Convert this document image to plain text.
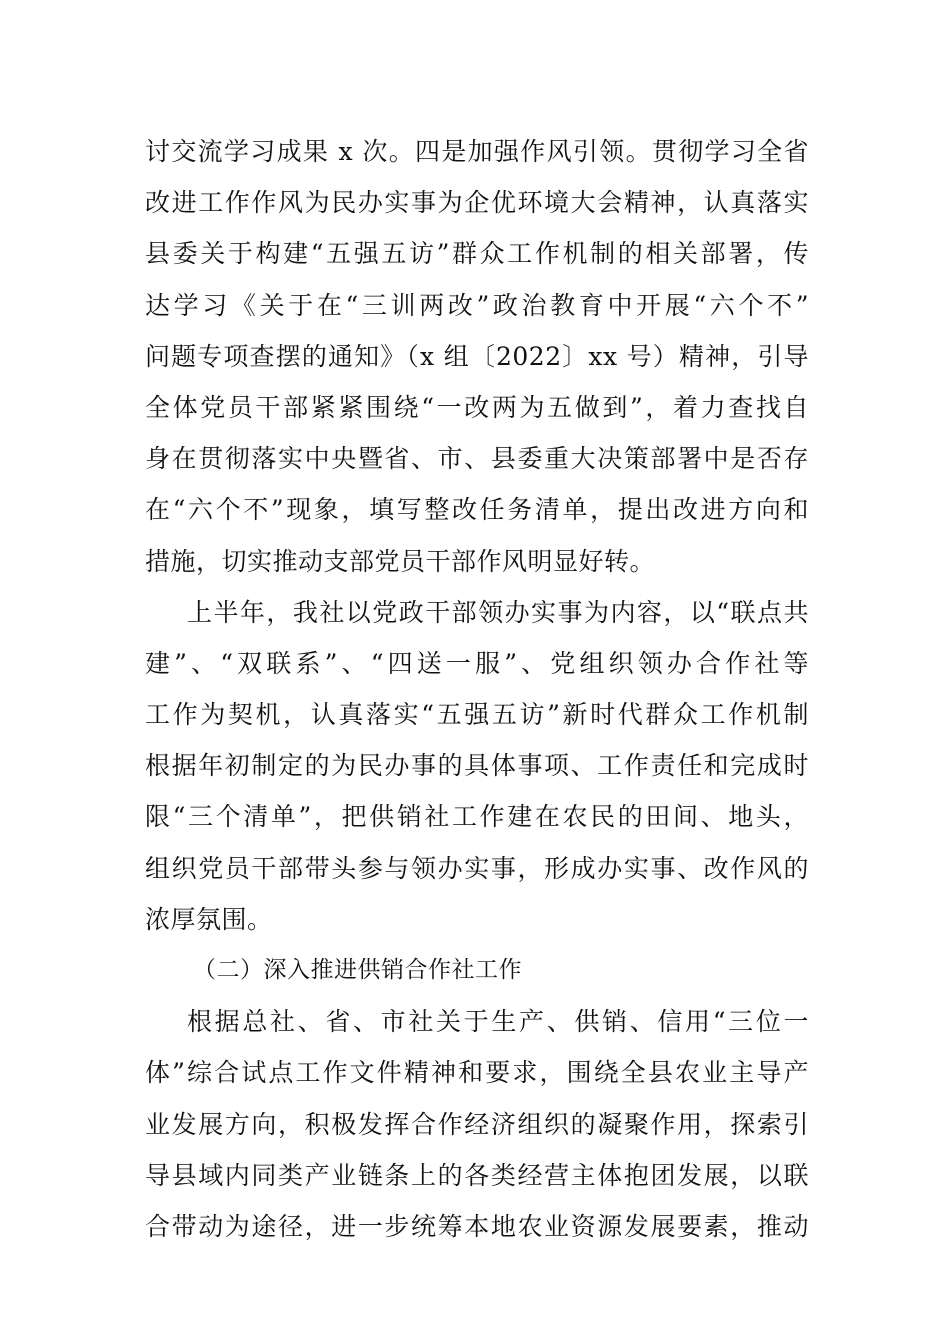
讨交流学习成果 x 次。四是加强作风引领。贯彻学习全省
改进工作作风为民办实事为企优环境大会精神，认真落实
县委关于构建“五强五访”群众工作机制的相关部署，传
达学习《关于在“三训两改”政治教育中开展“六个不”
问题专项查摆的通知》（x 组〔2022〕xx 号）精神，引导
全体党员干部紧紧围绕“一改两为五做到”，着力查找自
身在贯彻落实中央暨省、市、县委重大决策部署中是否存
在“六个不”现象，填写整改任务清单，提出改进方向和
措施，切实推动支部党员干部作风明显好转。
上半年，我社以党政干部领办实事为内容，以“联点共
建”、“双联系”、“四送一服”、党组织领办合作社等
工作为契机，认真落实“五强五访”新时代群众工作机制
根据年初制定的为民办事的具体事项、工作责任和完成时
限“三个清单”，把供销社工作建在农民的田间、地头，
组织党员干部带头参与领办实事，形成办实事、改作风的
浓厚氛围。
（二）深入推进供销合作社工作
根据总社、省、市社关于生产、供销、信用“三位一
体”综合试点工作文件精神和要求，围绕全县农业主导产
业发展方向，积极发挥合作经济组织的凝聚作用，探索引
导县域内同类产业链条上的各类经营主体抱团发展，以联
合带动为途径，进一步统筹本地农业资源发展要素，推动
